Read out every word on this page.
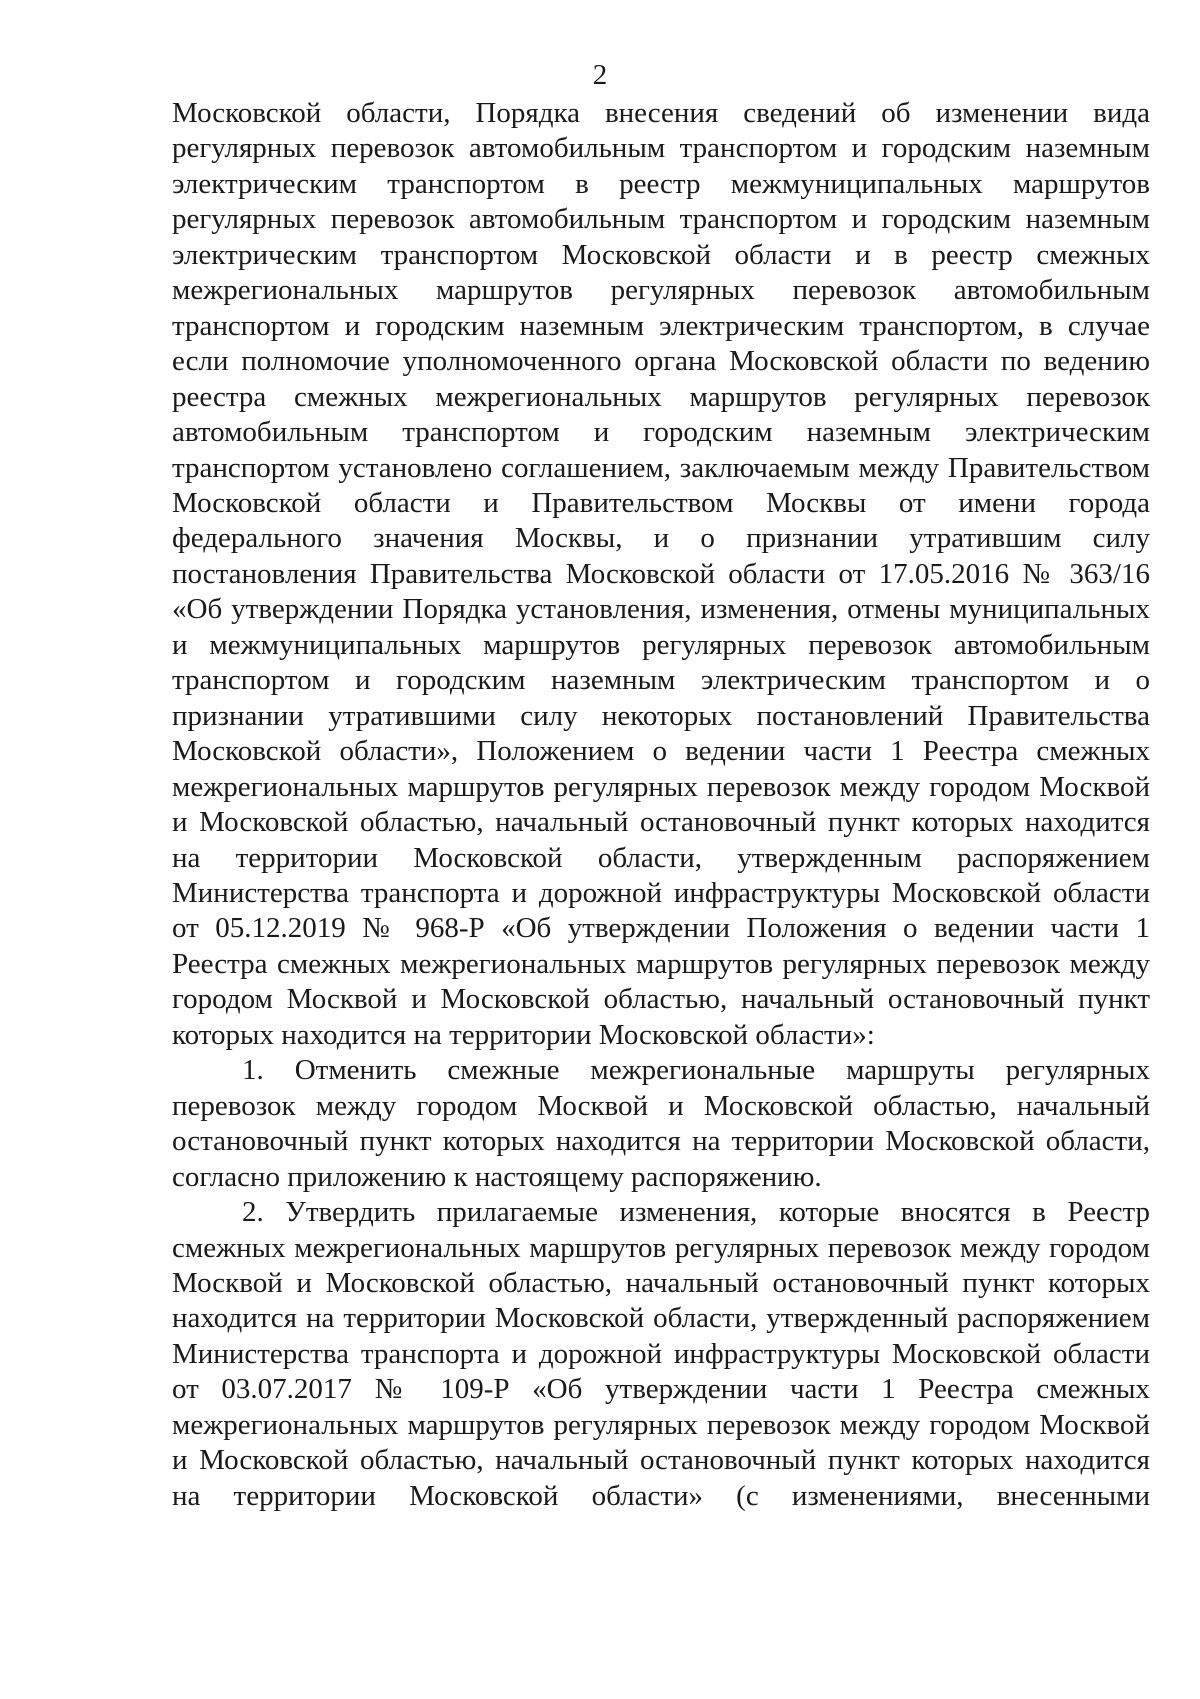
2

Московской области, Порядка внесения сведений об изменении вида регулярных перевозок автомобильным транспортом и городским наземным электрическим транспортом в реестр межмуниципальных маршрутов регулярных перевозок автомобильным транспортом и городским наземным электрическим транспортом Московской области и в реестр смежных межрегиональных маршрутов регулярных перевозок автомобильным транспортом и городским наземным электрическим транспортом, в случае если полномочие уполномоченного органа Московской области по ведению реестра смежных межрегиональных маршрутов регулярных перевозок автомобильным транспортом и городским наземным электрическим транспортом установлено соглашением, заключаемым между Правительством Московской области и Правительством Москвы от имени города федерального значения Москвы, и о признании утратившим силу постановления Правительства Московской области от 17.05.2016 № 363/16 «Об утверждении Порядка установления, изменения, отмены муниципальных и межмуниципальных маршрутов регулярных перевозок автомобильным транспортом и городским наземным электрическим транспортом и о признании утратившими силу некоторых постановлений Правительства Московской области», Положением о ведении части 1 Реестра смежных межрегиональных маршрутов регулярных перевозок между городом Москвой и Московской областью, начальный остановочный пункт которых находится на территории Московской области, утвержденным распоряжением Министерства транспорта и дорожной инфраструктуры Московской области от 05.12.2019 № 968-Р «Об утверждении Положения о ведении части 1 Реестра смежных межрегиональных маршрутов регулярных перевозок между городом Москвой и Московской областью, начальный остановочный пункт которых находится на территории Московской области»:

1. Отменить смежные межрегиональные маршруты регулярных перевозок между городом Москвой и Московской областью, начальный остановочный пункт которых находится на территории Московской области, согласно приложению к настоящему распоряжению.

2. Утвердить прилагаемые изменения, которые вносятся в Реестр смежных межрегиональных маршрутов регулярных перевозок между городом Москвой и Московской областью, начальный остановочный пункт которых находится на территории Московской области, утвержденный распоряжением Министерства транспорта и дорожной инфраструктуры Московской области от 03.07.2017 № 109-Р «Об утверждении части 1 Реестра смежных межрегиональных маршрутов регулярных перевозок между городом Москвой и Московской областью, начальный остановочный пункт которых находится на территории Московской области» (с изменениями, внесенными
